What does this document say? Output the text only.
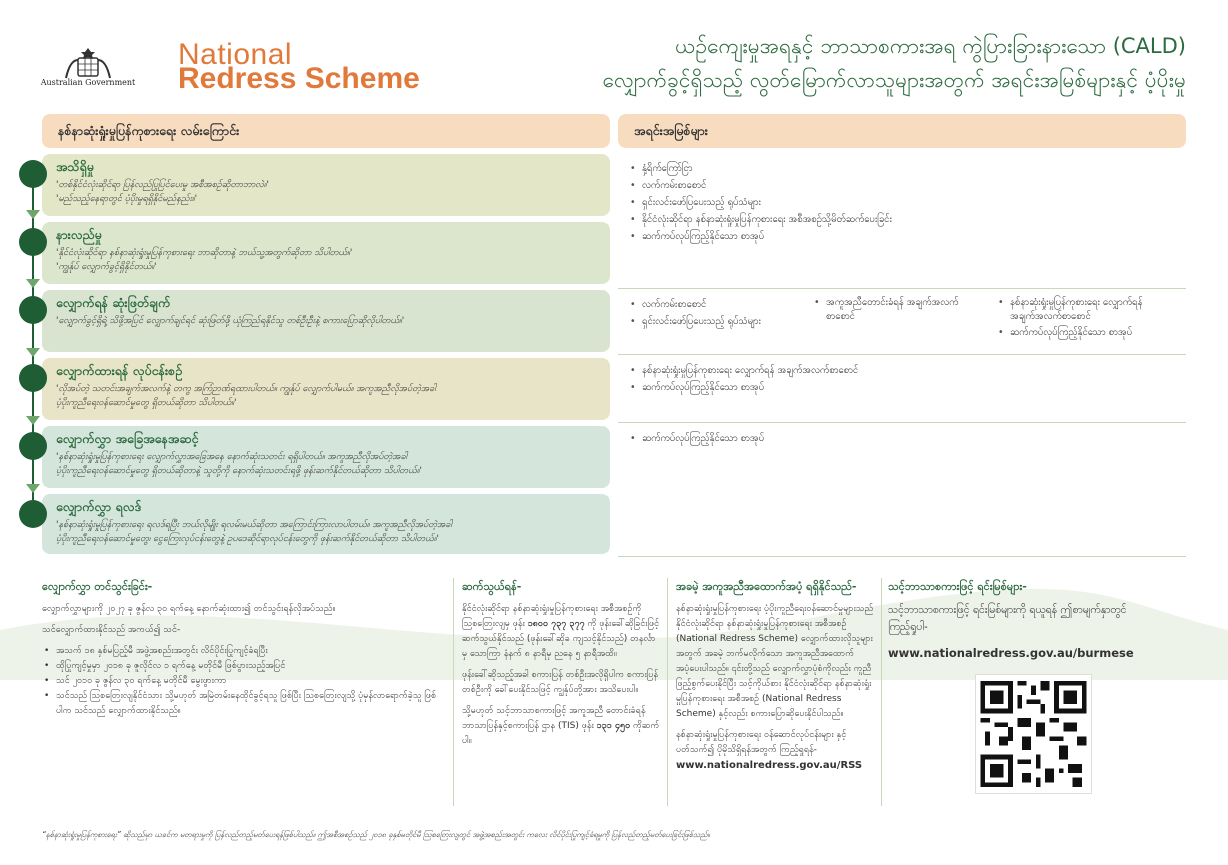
Australian Government
National
Redress Scheme
ယဉ်ကျေးမှုအရနှင့် ဘာသာစကားအရ ကွဲပြားခြားနားသော (CALD)
လျှောက်ခွင့်ရှိသည့် လွတ်မြောက်လာသူများအတွက် အရင်းအမြစ်များနှင့် ပံ့ပိုးမှု
နစ်နာဆုံးရှုံးမှုပြန်ကုစားရေး လမ်းကြောင်း	အရင်းအမြစ်များ
အသိရှိမှု
'တစ်နိုင်ငံလုံးဆိုင်ရာ ပြန်လည်ပြုပြင်ပေးမှု အစီအစဉ်ဆိုတာဘာလဲ။'
'မည်သည့်နေရာတွင် ပံ့ပိုးမှုရရှိနိုင်မည်နည်း။'
နားလည်မှု
'နိုင်ငံလုံးဆိုင်ရာ နစ်နာဆုံးရှုံးမှုပြန်ကုစားရေး ဘာဆိုတာနဲ့ ဘယ်သူ့အတွက်ဆိုတာ သိပါတယ်။'
'ကျွန်ုပ် လျှောက်ခွင့်ရှိနိုင်တယ်။'
လျှောက်ရန် ဆုံးဖြတ်ချက်
'လျှောက်ခွင့်ရှိရဲ့ သိဖို့အပြင် လျှောက်ချင်ရင် ဆုံးဖြတ်ဖို့ ယုံကြည်ရနိုင်သူ တစ်ဦးဦးနဲ့ စကားပြောဆိုလိုပါတယ်။'
လျှောက်ထားရန် လုပ်ငန်းစဉ်
'လိုအပ်တဲ့ သတင်းအချက်အလက်နဲ့ တကွ အကြံဉာဏ်ရထားပါတယ်။ ကျွန်ုပ် လျှောက်ပါမယ်။ အကူအညီလိုအပ်တဲ့အခါ
ပံ့ပိုးကူညီရေးဝန်ဆောင်မှုတွေ ရှိတယ်ဆိုတာ သိပါတယ်။'
လျှောက်လွှာ အခြေအနေအဆင့်
'နစ်နာဆုံးရှုံးမှုပြန်ကုစားရေး လျှောက်လွှာအခြေအနေ နောက်ဆုံးသတင်း ရရှိပါတယ်။ အကူအညီလိုအပ်တဲ့အခါ
ပံ့ပိုးကူညီရေးဝန်ဆောင်မှုတွေ ရှိတယ်ဆိုတာနဲ့ သူတို့ကို နောက်ဆုံးသတင်းရဖို့ ဖုန်းဆက်နိုင်တယ်ဆိုတာ သိပါတယ်။'
လျှောက်လွှာ ရလဒ်
'နစ်နာဆုံးရှုံးမှုပြန်ကုစားရေး ရလဒ်ရပြီး ဘယ်လိုမျိုး ရလမ်းမယ်ဆိုတာ အကြောင်းကြားလာပါတယ်။ အကူအညီလိုအပ်တဲ့အခါ
ပံ့ပိုးကူညီရေးဝန်ဆောင်မှုတွေ၊ ငွေကြေးလုပ်ငန်းတွေနဲ့ ဥပဒေဆိုင်ရာလုပ်ငန်းတွေကို ဖုန်းဆက်နိုင်တယ်ဆိုတာ သိပါတယ်။'
• နှံ့ရိက်ကြော်ငြာ
• လက်ကမ်းစာစောင်
• ရှင်းလင်းဖော်ပြပေးသည့် ရုပ်သံများ
• နိုင်ငံလုံးဆိုင်ရာ နစ်နာဆုံးရှုံးမှုပြန်ကုစားရေး အစီအစဉ်သို့မိတ်ဆက်ပေးခြင်း
• ဆက်ကပ်လုပ်ကြည့်နိုင်သော စာအုပ်
• လက်ကမ်းစာစောင်
• ရှင်းလင်းဖော်ပြပေးသည့် ရုပ်သံများ
• အကူအညီတောင်းခံရန် အချက်အလက်စာစောင်
• နစ်နာဆုံးရှုံးမှုပြန်ကုစားရေး လျှောက်ရန် အချက်အလက်စာစောင်
• ဆက်ကပ်လုပ်ကြည့်နိုင်သော စာအုပ်
• နစ်နာဆုံးရှုံးမှုပြန်ကုစားရေး လျှောက်ရန် အချက်အလက်စာစောင်
• ဆက်ကပ်လုပ်ကြည့်နိုင်သော စာအုပ်
• ဆက်ကပ်လုပ်ကြည့်နိုင်သော စာအုပ်
လျှောက်လွှာ တင်သွင်းခြင်း-
လျှောက်လွှာများကို ၂၀၂၇ ခု ဇွန်လ ၃၀ ရက်နေ့ နောက်ဆုံးထား၍ တင်သွင်းရန်လိုအပ်သည်။
သင်လျှောက်ထားနိုင်သည် အကယ်၍ သင်-
• အသက် ၁၈ နှစ်မပြည့်မီ အဖွဲ့အစည်းအတွင်း လိင်ပိုင်းပြုကျင့်ခံရပြီး
• ထိုပြုကျင့်မှုမှာ ၂၀၁၈ ခု ဇူလိုင်လ ၁ ရက်နေ့ မတိုင်မီ ဖြစ်ပွားသည့်အပြင်
• သင် ၂၀၁၀ ခု ဇွန်လ ၃၀ ရက်နေ့ မတိုင်မီ မွေးဖွားကာ
• သင်သည် ဩစတြေးလျနိုင်ငံသား သို့မဟုတ် အမြဲတမ်းနေထိုင်ခွင့်ရသူ ဖြစ်ပြီး ဩစတြေးလျသို့ ပုံမှန်လာရောက်ခဲ့သူ ဖြစ်ပါက သင်သည် လျှောက်ထားနိုင်သည်။
ဆက်သွယ်ရန်-
နိုင်ငံလုံးဆိုင်ရာ နစ်နာဆုံးရှုံးမှုပြန်ကုစားရေး အစီအစဉ်ကို ဩစတြေးလျမှ ဖုန်း ၁၈၀၀ ၇၃၇ ၃၇၇ ကို ဖုန်းခေါ်ဆိုခြင်းဖြင့် ဆက်သွယ်နိုင်သည် (ဖုန်းခေါ်ဆိုခ ကျသင့်နိုင်သည်) တနင်္လာမှ သောကြာ နံနက် ၈ နာရီမှ ညနေ ၅ နာရီအထိ။
ဖုန်းခေါ်ဆိုသည့်အခါ စကားပြန် တစ်ဦးအလိုရှိပါက စကားပြန်တစ်ဦးကို ခေါ်ပေးနိုင်သဖြင့် ကျွန်ုပ်တို့အား အသိပေးပါ။
သို့မဟုတ် သင့်ဘာသာစကားဖြင့် အကူအညီ တောင်းခံရန် ဘာသာပြန်နှင့်စကားပြန် ဌာန (TIS) ဖုန်း ၁၃၁ ၄၅၀ ကိုဆက်ပါ။
အခမဲ့ အကူအညီအထောက်အပံ့ ရရှိနိုင်သည်-
နစ်နာဆုံးရှုံးမှုပြန်ကုစားရေး ပံ့ပိုးကူညီရေးဝန်ဆောင်မှုများသည် နိုင်ငံလုံးဆိုင်ရာ နစ်နာဆုံးရှုံးမှုပြန်ကုစားရေး အစီအစဉ် (National Redress Scheme) လျှောက်ထားလိုသူများအတွက် အခမဲ့ ဘက်မလိုက်သော အကူအညီအထောက်အပံ့ပေးပါသည်။ ၎င်းတို့သည် လျှောက်လွှာပုံစံကိုလည်း ကူညီဖြည့်စွက်ပေးနိုင်ပြီး သင့်ကိုယ်စား နိုင်ငံလုံးဆိုင်ရာ နစ်နာဆုံးရှုံးမှုပြန်ကုစားရေး အစီအစဉ် (National Redress Scheme) နှင့်လည်း စကားပြောဆိုပေးနိုင်ပါသည်။
နစ်နာဆုံးရှုံးမှုပြန်ကုစားရေး ဝန်ဆောင်လုပ်ငန်းများ နှင့်ပတ်သက်၍ ပိုမိုသိရှိရန်အတွက် ကြည့်ရှုရန်-
www.nationalredress.gov.au/RSS
သင့်ဘာသာစကားဖြင့် ရင်းမြစ်များ-
သင့်ဘာသာစကားဖြင့် ရင်းမြစ်များကို ရယူရန် ဤစာမျက်နှာတွင် ကြည့်ရှုပါ-
www.nationalredress.gov.au/burmese
“နစ်နာဆုံးရှုံးမှုပြန်ကုစားရေး” ဆိုသည်မှာ ယခင်က မတရားမှုကို ပြန်လည်တည့်မတ်ပေးရန်ဖြစ်ပါသည်။ ဤအစီအစဉ်သည် ၂၀၁၈ ခုနှစ်မတိုင်မီ ဩစတြေးလျတွင် အဖွဲ့အစည်းအတွင်း ကလေး လိင်ပိုင်းပြုကျင့်ခံရမှုကို ပြန်လည်တည့်မတ်ပေးခြင်းဖြစ်သည်။
